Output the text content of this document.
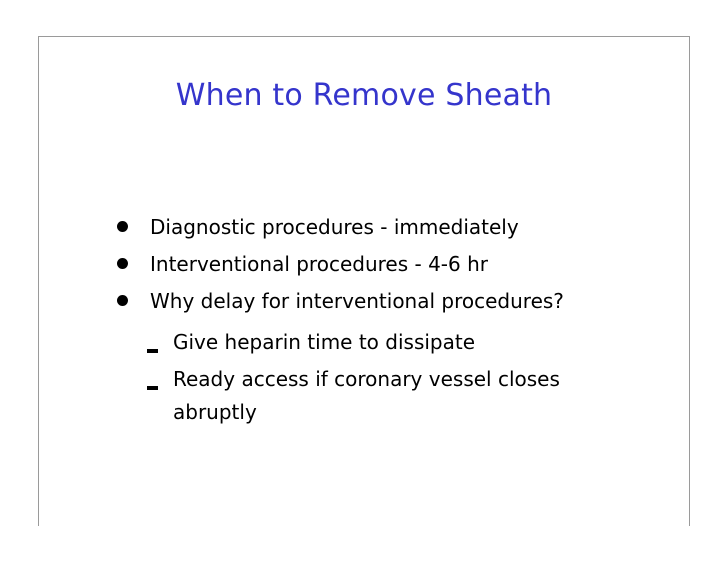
When to Remove Sheath
Diagnostic procedures - immediately
Interventional procedures - 4-6 hr
Why delay for interventional procedures?
Give heparin time to dissipate
Ready access if coronary vessel closes
abruptly
